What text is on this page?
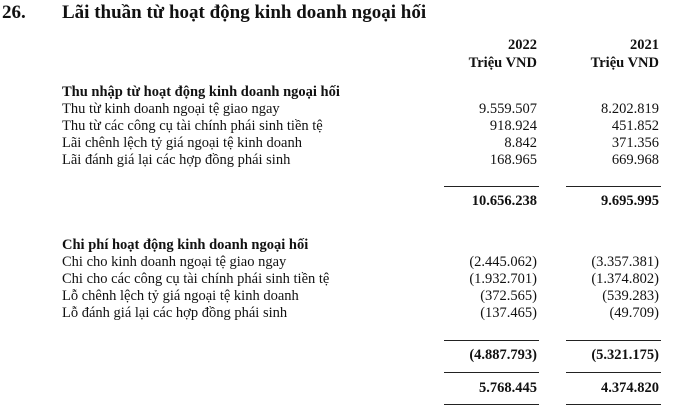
26. Lãi thuần từ hoạt động kinh doanh ngoại hối
2022
Triệu VND
2021
Triệu VND
Thu nhập từ hoạt động kinh doanh ngoại hối
Thu từ kinh doanh ngoại tệ giao ngay	9.559.507	8.202.819
Thu từ các công cụ tài chính phái sinh tiền tệ	918.924	451.852
Lãi chênh lệch tỷ giá ngoại tệ kinh doanh	8.842	371.356
Lãi đánh giá lại các hợp đồng phái sinh	168.965	669.968
10.656.238	9.695.995
Chi phí hoạt động kinh doanh ngoại hối
Chi cho kinh doanh ngoại tệ giao ngay	(2.445.062)	(3.357.381)
Chi cho các công cụ tài chính phái sinh tiền tệ	(1.932.701)	(1.374.802)
Lỗ chênh lệch tỷ giá ngoại tệ kinh doanh	(372.565)	(539.283)
Lỗ đánh giá lại các hợp đồng phái sinh	(137.465)	(49.709)
(4.887.793)	(5.321.175)
5.768.445	4.374.820
